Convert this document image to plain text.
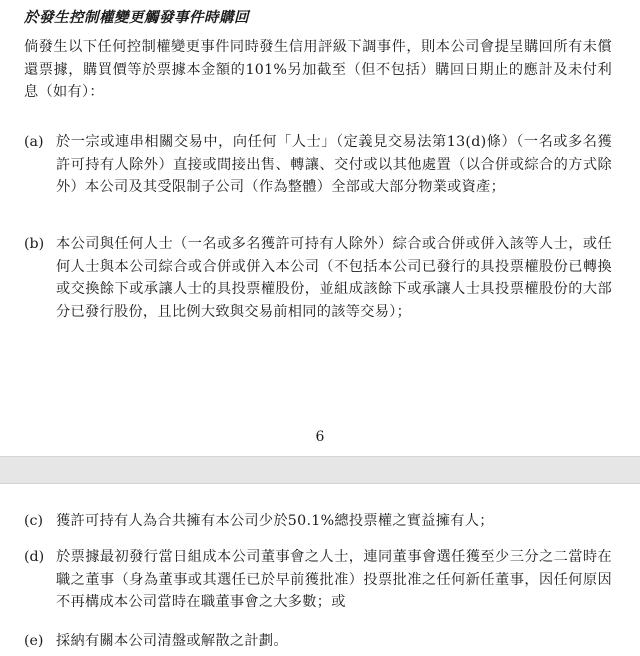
於發生控制權變更觸發事件時購回
倘發生以下任何控制權變更事件同時發生信用評級下調事件，則本公司會提呈購回所有未償還票據，購買價等於票據本金額的101%另加截至（但不包括）購回日期止的應計及未付利息（如有）：
(a) 於一宗或連串相關交易中，向任何「人士」（定義見交易法第13(d)條）（一名或多名獲許可持有人除外）直接或間接出售、轉讓、交付或以其他處置（以合併或綜合的方式除外）本公司及其受限制子公司（作為整體）全部或大部分物業或資產；
(b) 本公司與任何人士（一名或多名獲許可持有人除外）綜合或合併或併入該等人士，或任何人士與本公司綜合或合併或併入本公司（不包括本公司已發行的具投票權股份已轉換或交換餘下或承讓人士的具投票權股份，並組成該餘下或承讓人士具投票權股份的大部分已發行股份，且比例大致與交易前相同的該等交易）；
6
(c) 獲許可持有人為合共擁有本公司少於50.1%總投票權之實益擁有人；
(d) 於票據最初發行當日組成本公司董事會之人士，連同董事會選任獲至少三分之二當時在職之董事（身為董事或其選任已於早前獲批准）投票批准之任何新任董事，因任何原因不再構成本公司當時在職董事會之大多數；或
(e) 採納有關本公司清盤或解散之計劃。
